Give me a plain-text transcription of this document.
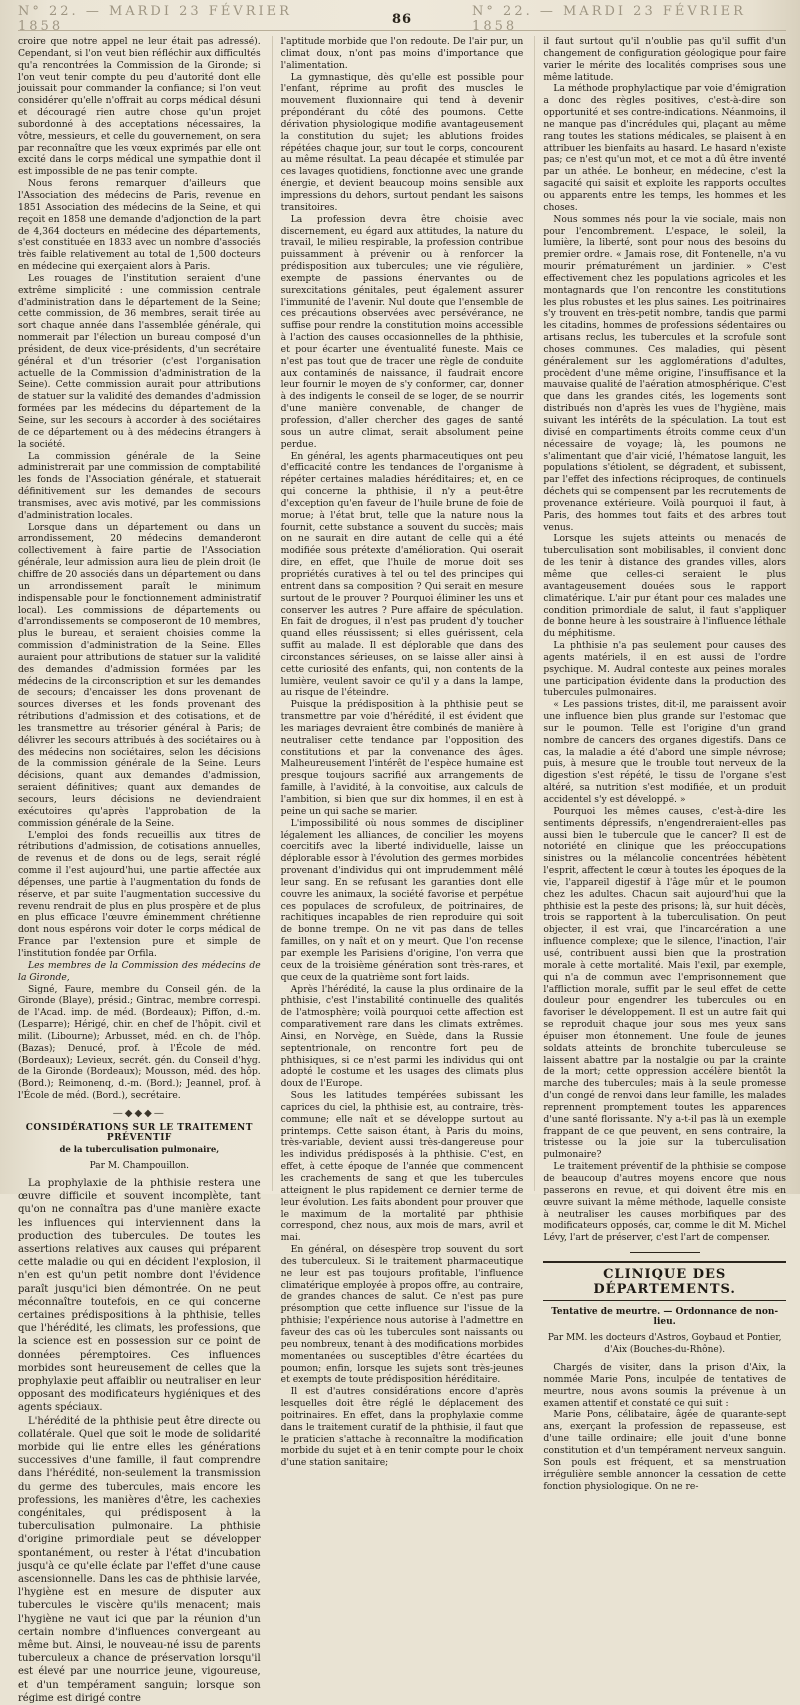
N° 22. — MARDI 23 FÉVRIER 1858	86	N° 22. — MARDI 23 FÉVRIER 1858

croire que notre appel ne leur était pas adressé). Cependant, si l'on veut bien réfléchir aux difficultés qu'a rencontrées la Commission de la Gironde; si l'on veut tenir compte du peu d'autorité dont elle jouissait pour commander la confiance; si l'on veut considérer qu'elle n'offrait au corps médical désuni et découragé rien autre chose qu'un projet subordonné à des acceptations nécessaires, la vôtre, messieurs, et celle du gouvernement, on sera par reconnaître que les vœux exprimés par elle ont excité dans le corps médical une sympathie dont il est impossible de ne pas tenir compte.

Nous ferons remarquer d'ailleurs que l'Association des médecins de Paris, revenue en 1851 Association des médecins de la Seine, et qui reçoit en 1858 une demande d'adjonction de la part de 4,364 docteurs en médecine des départements, s'est constituée en 1833 avec un nombre d'associés très faible relativement au total de 1,500 docteurs en médecine qui exerçaient alors à Paris.

Les rouages de l'institution seraient d'une extrême simplicité : une commission centrale d'administration dans le département de la Seine; cette commission, de 36 membres, serait tirée au sort chaque année dans l'assemblée générale, qui nommerait par l'élection un bureau composé d'un président, de deux vice-présidents, d'un secrétaire général et d'un trésorier (c'est l'organisation actuelle de la Commission d'administration de la Seine). Cette commission aurait pour attributions de statuer sur la validité des demandes d'admission formées par les médecins du département de la Seine, sur les secours à accorder à des sociétaires de ce département ou à des médecins étrangers à la société.

La commission générale de la Seine administrerait par une commission de comptabilité les fonds de l'Association générale, et statuerait définitivement sur les demandes de secours transmises, avec avis motivé, par les commissions d'administration locales.

Lorsque dans un département ou dans un arrondissement, 20 médecins demanderont collectivement à faire partie de l'Association générale, leur admission aura lieu de plein droit (le chiffre de 20 associés dans un département ou dans un arrondissement paraît le minimum indispensable pour le fonctionnement administratif local). Les commissions de départements ou d'arrondissements se composeront de 10 membres, plus le bureau, et seraient choisies comme la commission d'administration de la Seine. Elles auraient pour attributions de statuer sur la validité des demandes d'admission formées par les médecins de la circonscription et sur les demandes de secours; d'encaisser les dons provenant de sources diverses et les fonds provenant des rétributions d'admission et des cotisations, et de les transmettre au trésorier général à Paris; de délivrer les secours attribués à des sociétaires ou à des médecins non sociétaires, selon les décisions de la commission générale de la Seine. Leurs décisions, quant aux demandes d'admission, seraient définitives; quant aux demandes de secours, leurs décisions ne deviendraient exécutoires qu'après l'approbation de la commission générale de la Seine.

L'emploi des fonds recueillis aux titres de rétributions d'admission, de cotisations annuelles, de revenus et de dons ou de legs, serait réglé comme il l'est aujourd'hui, une partie affectée aux dépenses, une partie à l'augmentation du fonds de réserve, et par suite l'augmentation successive du revenu rendrait de plus en plus prospère et de plus en plus efficace l'œuvre éminemment chrétienne dont nous espérons voir doter le corps médical de France par l'extension pure et simple de l'institution fondée par Orfila.

Les membres de la Commission des médecins de la Gironde,

Signé, Faure, membre du Conseil gén. de la Gironde (Blaye), présid.; Gintrac, membre correspi. de l'Acad. imp. de méd. (Bordeaux); Piffon, d.-m. (Lesparre); Hérigé, chir. en chef de l'hôpit. civil et milit. (Libourne); Arbusset, méd. en ch. de l'hôp. (Bazas); Denucé, prof. à l'École de méd. (Bordeaux); Levieux, secrét. gén. du Conseil d'hyg. de la Gironde (Bordeaux); Mousson, méd. des hôp. (Bord.); Reimonenq, d.-m. (Bord.); Jeannel, prof. à l'École de méd. (Bord.), secrétaire.

—◆◆◆—
CONSIDÉRATIONS SUR LE TRAITEMENT PRÉVENTIF
de la tuberculisation pulmonaire,
Par M. Champouillon.

La prophylaxie de la phthisie restera une œuvre difficile et souvent incomplète, tant qu'on ne connaîtra pas d'une manière exacte les influences qui interviennent dans la production des tubercules. De toutes les assertions relatives aux causes qui préparent cette maladie ou qui en décident l'explosion, il n'en est qu'un petit nombre dont l'évidence paraît jusqu'ici bien démontrée. On ne peut méconnaître toutefois, en ce qui concerne certaines prédispositions à la phthisie, telles que l'hérédité, les climats, les professions, que la science est en possession sur ce point de données péremptoires. Ces influences morbides sont heureusement de celles que la prophylaxie peut affaiblir ou neutraliser en leur opposant des modificateurs hygiéniques et des agents spéciaux.

L'hérédité de la phthisie peut être directe ou collatérale. Quel que soit le mode de solidarité morbide qui lie entre elles les générations successives d'une famille, il faut comprendre dans l'hérédité, non-seulement la transmission du germe des tubercules, mais encore les professions, les manières d'être, les cachexies congénitales, qui prédisposent à la tuberculisation pulmonaire. La phthisie d'origine primordiale peut se développer spontanément, ou rester à l'état d'incubation jusqu'à ce qu'elle éclate par l'effet d'une cause ascensionnelle. Dans les cas de phthisie larvée, l'hygiène est en mesure de disputer aux tubercules le viscère qu'ils menacent; mais l'hygiène ne vaut ici que par la réunion d'un certain nombre d'influences convergeant au même but. Ainsi, le nouveau-né issu de parents tuberculeux a chance de préservation lorsqu'il est élevé par une nourrice jeune, vigoureuse, et d'un tempérament sanguin; lorsque son régime est dirigé contre

l'aptitude morbide que l'on redoute. De l'air pur, un climat doux, n'ont pas moins d'importance que l'alimentation.

La gymnastique, dès qu'elle est possible pour l'enfant, réprime au profit des muscles le mouvement fluxionnaire qui tend à devenir prépondérant du côté des poumons. Cette dérivation physiologique modifie avantageusement la constitution du sujet; les ablutions froides répétées chaque jour, sur tout le corps, concourent au même résultat. La peau décapée et stimulée par ces lavages quotidiens, fonctionne avec une grande énergie, et devient beaucoup moins sensible aux impressions du dehors, surtout pendant les saisons transitoires.

La profession devra être choisie avec discernement, eu égard aux attitudes, la nature du travail, le milieu respirable, la profession contribue puissamment à prévenir ou à renforcer la prédisposition aux tubercules; une vie régulière, exempte de passions énervantes ou de surexcitations génitales, peut également assurer l'immunité de l'avenir. Nul doute que l'ensemble de ces précautions observées avec persévérance, ne suffise pour rendre la constitution moins accessible à l'action des causes occasionnelles de la phthisie, et pour écarter une éventualité funeste. Mais ce n'est pas tout que de tracer une règle de conduite aux contaminés de naissance, il faudrait encore leur fournir le moyen de s'y conformer, car, donner à des indigents le conseil de se loger, de se nourrir d'une manière convenable, de changer de profession, d'aller chercher des gages de santé sous un autre climat, serait absolument peine perdue.

En général, les agents pharmaceutiques ont peu d'efficacité contre les tendances de l'organisme à répéter certaines maladies héréditaires; et, en ce qui concerne la phthisie, il n'y a peut-être d'exception qu'en faveur de l'huile brune de foie de morue; à l'état brut, telle que la nature nous la fournit, cette substance a souvent du succès; mais on ne saurait en dire autant de celle qui a été modifiée sous prétexte d'amélioration. Qui oserait dire, en effet, que l'huile de morue doit ses propriétés curatives à tel ou tel des principes qui entrent dans sa composition ? Qui serait en mesure surtout de le prouver ? Pourquoi éliminer les uns et conserver les autres ? Pure affaire de spéculation. En fait de drogues, il n'est pas prudent d'y toucher quand elles réussissent; si elles guérissent, cela suffit au malade. Il est déplorable que dans des circonstances sérieuses, on se laisse aller ainsi à cette curiosité des enfants, qui, non contents de la lumière, veulent savoir ce qu'il y a dans la lampe, au risque de l'éteindre.

Puisque la prédisposition à la phthisie peut se transmettre par voie d'hérédité, il est évident que les mariages devraient être combinés de manière à neutraliser cette tendance par l'opposition des constitutions et par la convenance des âges. Malheureusement l'intérêt de l'espèce humaine est presque toujours sacrifié aux arrangements de famille, à l'avidité, à la convoitise, aux calculs de l'ambition, si bien que sur dix hommes, il en est à peine un qui sache se marier.

L'impossibilité où nous sommes de discipliner légalement les alliances, de concilier les moyens coercitifs avec la liberté individuelle, laisse un déplorable essor à l'évolution des germes morbides provenant d'individus qui ont imprudemment mêlé leur sang. En se refusant les garanties dont elle couvre les animaux, la société favorise et perpétue ces populaces de scrofuleux, de poitrinaires, de rachitiques incapables de rien reproduire qui soit de bonne trempe. On ne vit pas dans de telles familles, on y naît et on y meurt. Que l'on recense par exemple les Parisiens d'origine, l'on verra que ceux de la troisième génération sont très-rares, et que ceux de la quatrième sont fort laids.

Après l'hérédité, la cause la plus ordinaire de la phthisie, c'est l'instabilité continuelle des qualités de l'atmosphère; voilà pourquoi cette affection est comparativement rare dans les climats extrêmes. Ainsi, en Norvège, en Suède, dans la Russie septentrionale, on rencontre fort peu de phthisiques, si ce n'est parmi les individus qui ont adopté le costume et les usages des climats plus doux de l'Europe.

Sous les latitudes tempérées subissant les caprices du ciel, la phthisie est, au contraire, très-commune; elle naît et se développe surtout au printemps. Cette saison étant, à Paris du moins, très-variable, devient aussi très-dangereuse pour les individus prédisposés à la phthisie. C'est, en effet, à cette époque de l'année que commencent les crachements de sang et que les tubercules atteignent le plus rapidement ce dernier terme de leur évolution. Les faits abondent pour prouver que le maximum de la mortalité par phthisie correspond, chez nous, aux mois de mars, avril et mai.

En général, on désespère trop souvent du sort des tuberculeux. Si le traitement pharmaceutique ne leur est pas toujours profitable, l'influence climatérique employée à propos offre, au contraire, de grandes chances de salut. Ce n'est pas pure présomption que cette influence sur l'issue de la phthisie; l'expérience nous autorise à l'admettre en faveur des cas où les tubercules sont naissants ou peu nombreux, tenant à des modifications morbides momentanées ou susceptibles d'être écartées du poumon; enfin, lorsque les sujets sont très-jeunes et exempts de toute prédisposition héréditaire.

Il est d'autres considérations encore d'après lesquelles doit être réglé le déplacement des poitrinaires. En effet, dans la prophylaxie comme dans le traitement curatif de la phthisie, il faut que le praticien s'attache à reconnaître la modification morbide du sujet et à en tenir compte pour le choix d'une station sanitaire;

il faut surtout qu'il n'oublie pas qu'il suffit d'un changement de configuration géologique pour faire varier le mérite des localités comprises sous une même latitude.

La méthode prophylactique par voie d'émigration a donc des règles positives, c'est-à-dire son opportunité et ses contre-indications. Néanmoins, il ne manque pas d'incrédules qui, plaçant au même rang toutes les stations médicales, se plaisent à en attribuer les bienfaits au hasard. Le hasard n'existe pas; ce n'est qu'un mot, et ce mot a dû être inventé par un athée. Le bonheur, en médecine, c'est la sagacité qui saisit et exploite les rapports occultes ou apparents entre les temps, les hommes et les choses.

Nous sommes nés pour la vie sociale, mais non pour l'encombrement. L'espace, le soleil, la lumière, la liberté, sont pour nous des besoins du premier ordre. « Jamais rose, dit Fontenelle, n'a vu mourir prématurément un jardinier. » C'est effectivement chez les populations agricoles et les montagnards que l'on rencontre les constitutions les plus robustes et les plus saines. Les poitrinaires s'y trouvent en très-petit nombre, tandis que parmi les citadins, hommes de professions sédentaires ou artisans reclus, les tubercules et la scrofule sont choses communes. Ces maladies, qui pèsent généralement sur les agglomérations d'adultes, procèdent d'une même origine, l'insuffisance et la mauvaise qualité de l'aération atmosphérique. C'est que dans les grandes cités, les logements sont distribués non d'après les vues de l'hygiène, mais suivant les intérêts de la spéculation. La tout est divisé en compartiments étroits comme ceux d'un nécessaire de voyage; là, les poumons ne s'alimentant que d'air vicié, l'hématose languit, les populations s'étiolent, se dégradent, et subissent, par l'effet des infections réciproques, de continuels déchets qui se compensent par les recrutements de provenance extérieure. Voilà pourquoi il faut, à Paris, des hommes tout faits et des arbres tout venus.

Lorsque les sujets atteints ou menacés de tuberculisation sont mobilisables, il convient donc de les tenir à distance des grandes villes, alors même que celles-ci seraient le plus avantageusement douées sous le rapport climatérique. L'air pur étant pour ces malades une condition primordiale de salut, il faut s'appliquer de bonne heure à les soustraire à l'influence léthale du méphitisme.

La phthisie n'a pas seulement pour causes des agents matériels, il en est aussi de l'ordre psychique. M. Audral conteste aux peines morales une participation évidente dans la production des tubercules pulmonaires.

« Les passions tristes, dit-il, me paraissent avoir une influence bien plus grande sur l'estomac que sur le poumon. Telle est l'origine d'un grand nombre de cancers des organes digestifs. Dans ce cas, la maladie a été d'abord une simple névrose; puis, à mesure que le trouble tout nerveux de la digestion s'est répété, le tissu de l'organe s'est altéré, sa nutrition s'est modifiée, et un produit accidentel s'y est développé. »

Pourquoi les mêmes causes, c'est-à-dire les sentiments dépressifs, n'engendreraient-elles pas aussi bien le tubercule que le cancer? Il est de notoriété en clinique que les préoccupations sinistres ou la mélancolie concentrées hébètent l'esprit, affectent le cœur à toutes les époques de la vie, l'appareil digestif à l'âge mûr et le poumon chez les adultes. Chacun sait aujourd'hui que la phthisie est la peste des prisons; là, sur huit décès, trois se rapportent à la tuberculisation. On peut objecter, il est vrai, que l'incarcération a une influence complexe; que le silence, l'inaction, l'air usé, contribuent aussi bien que la prostration morale à cette mortalité. Mais l'exil, par exemple, qui n'a de commun avec l'emprisonnement que l'affliction morale, suffit par le seul effet de cette douleur pour engendrer les tubercules ou en favoriser le développement. Il est un autre fait qui se reproduit chaque jour sous mes yeux sans épuiser mon étonnement. Une foule de jeunes soldats atteints de bronchite tuberculeuse se laissent abattre par la nostalgie ou par la crainte de la mort; cette oppression accélère bientôt la marche des tubercules; mais à la seule promesse d'un congé de renvoi dans leur famille, les malades reprennent promptement toutes les apparences d'une santé florissante. N'y a-t-il pas là un exemple frappant de ce que peuvent, en sens contraire, la tristesse ou la joie sur la tuberculisation pulmonaire?

Le traitement préventif de la phthisie se compose de beaucoup d'autres moyens encore que nous passerons en revue, et qui doivent être mis en œuvre suivant la même méthode, laquelle consiste à neutraliser les causes morbifiques par des modificateurs opposés, car, comme le dit M. Michel Lévy, l'art de préserver, c'est l'art de compenser.

CLINIQUE DES DÉPARTEMENTS.
Tentative de meurtre. — Ordonnance de non-lieu.
Par MM. les docteurs d'Astros, Goybaud et Pontier, d'Aix (Bouches-du-Rhône).

Chargés de visiter, dans la prison d'Aix, la nommée Marie Pons, inculpée de tentatives de meurtre, nous avons soumis la prévenue à un examen attentif et constaté ce qui suit :

Marie Pons, célibataire, âgée de quarante-sept ans, exerçant la profession de repasseuse, est d'une taille ordinaire; elle jouit d'une bonne constitution et d'un tempérament nerveux sanguin. Son pouls est fréquent, et sa menstruation irrégulière semble annoncer la cessation de cette fonction physiologique. On ne re-
